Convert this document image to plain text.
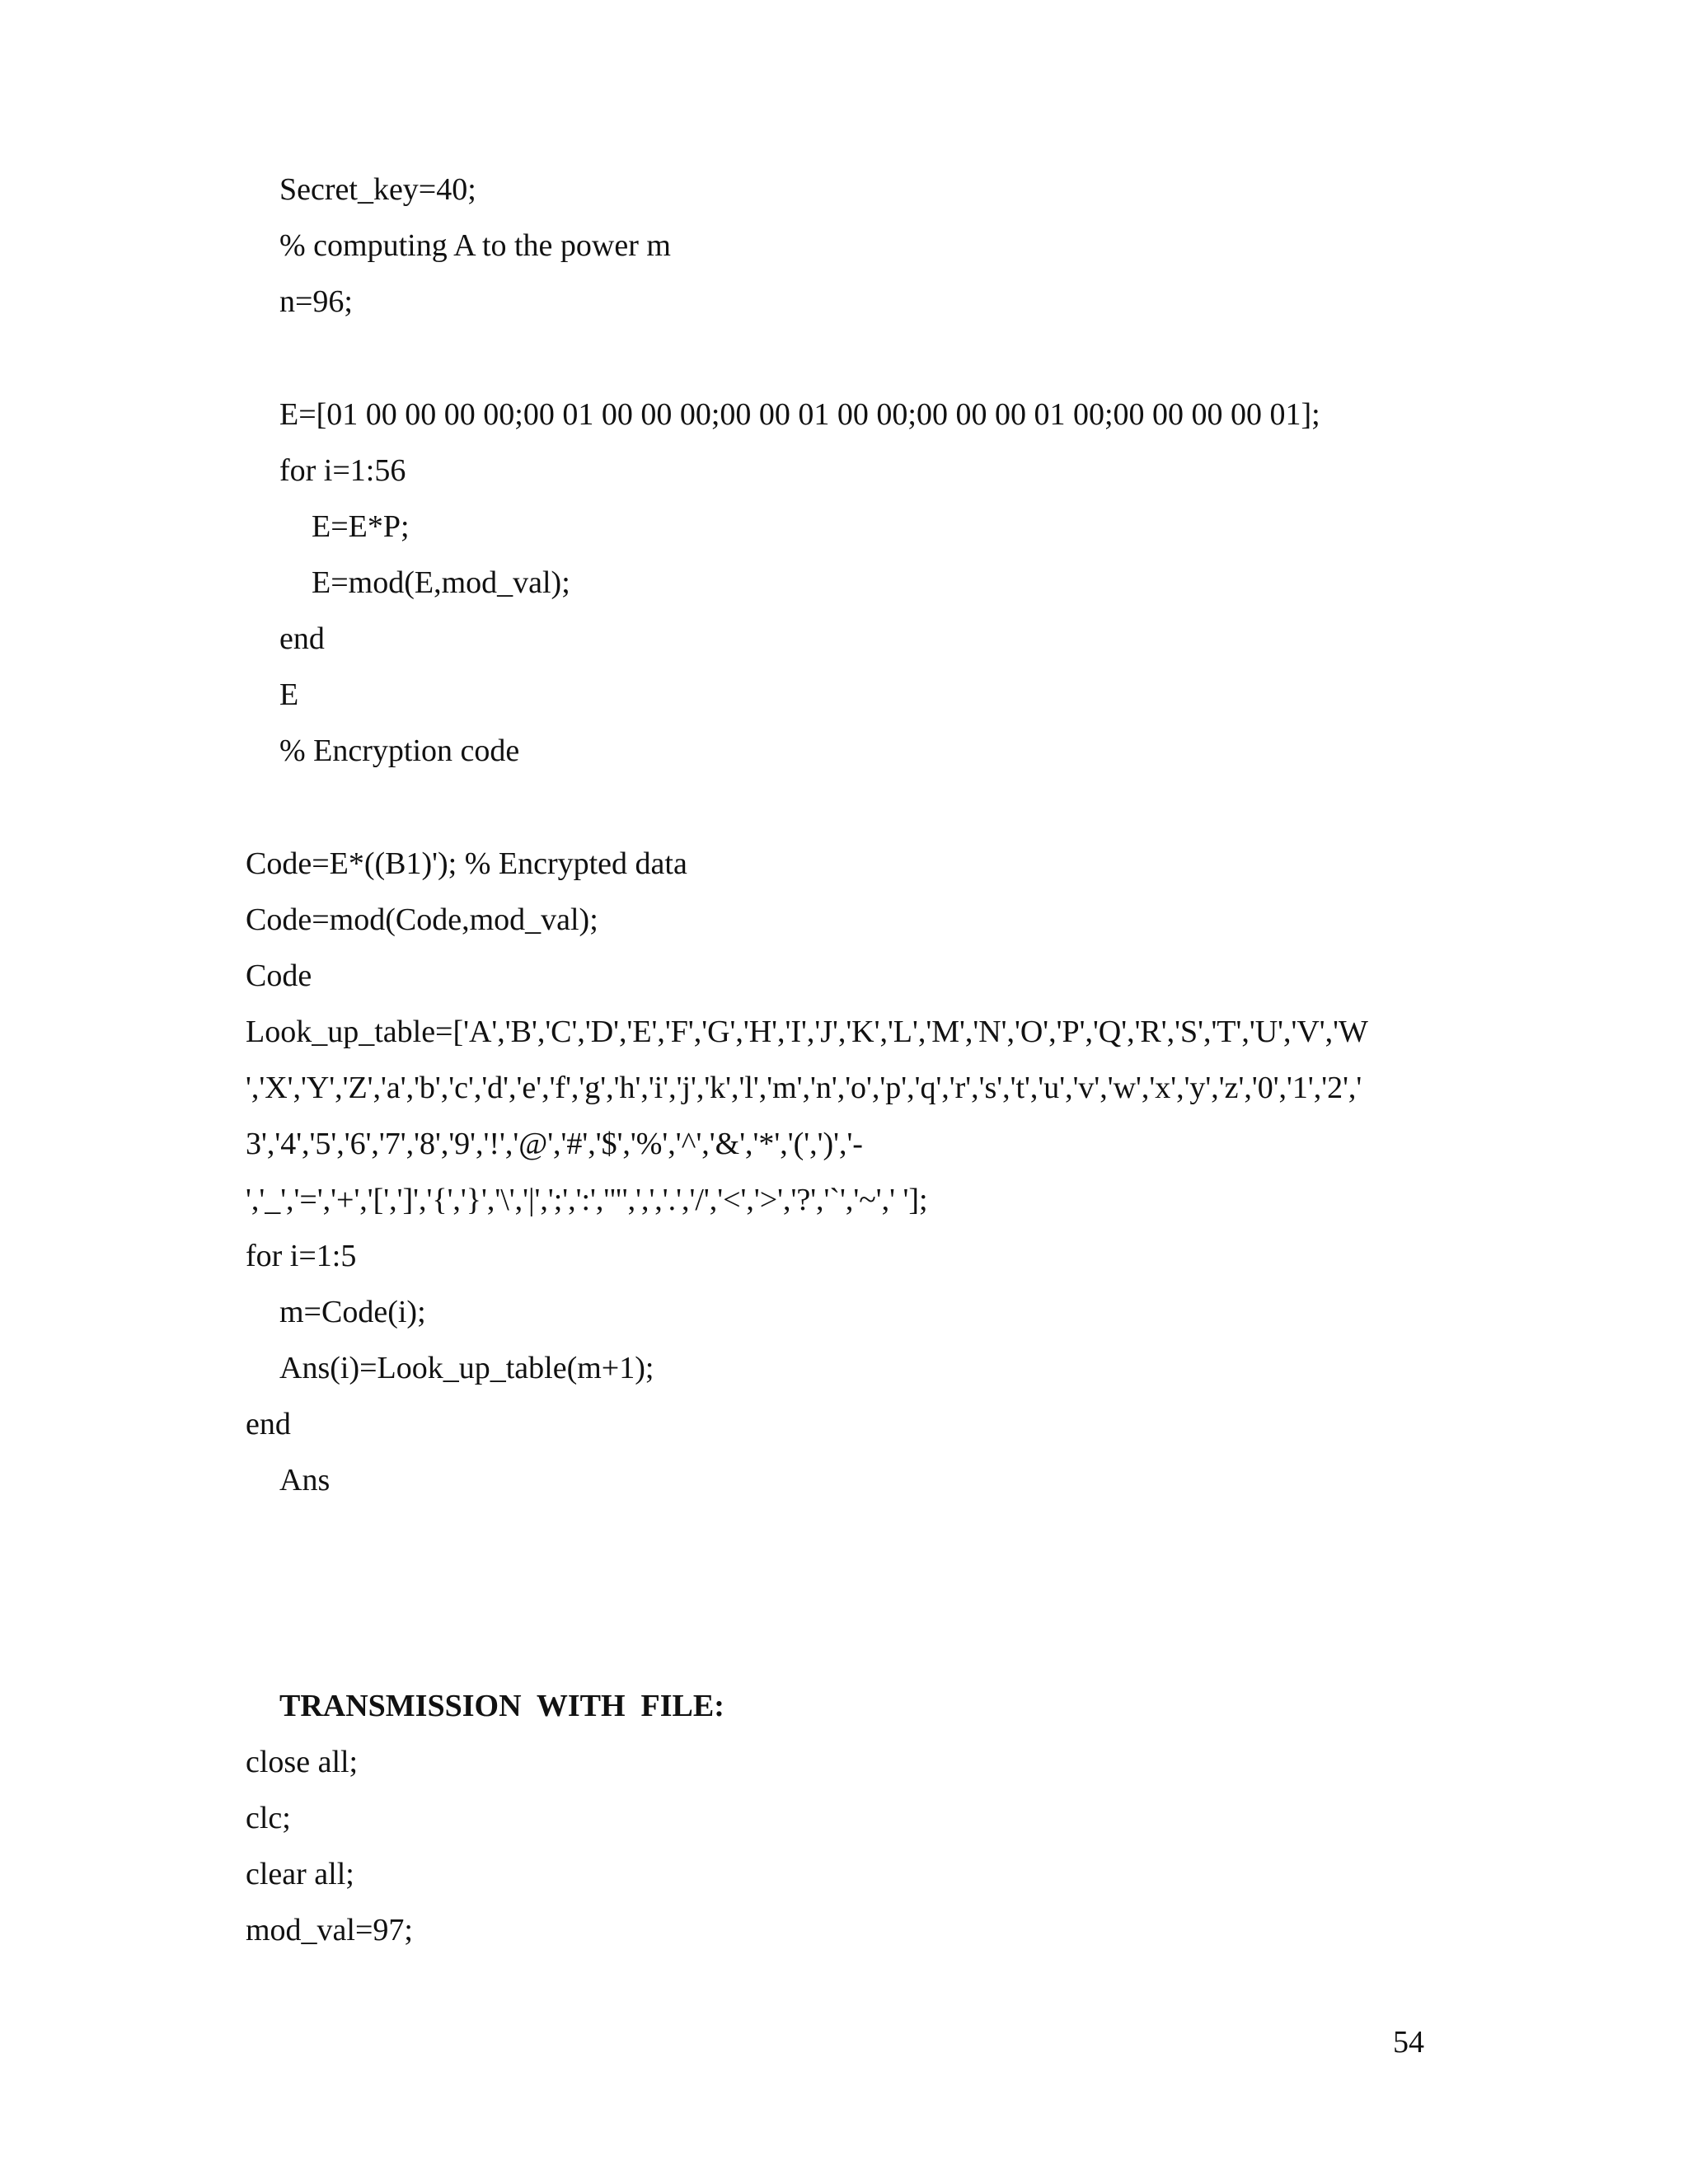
Secret_key=40;

% computing A to the power m

n=96;

E=[01 00 00 00 00;00 01 00 00 00;00 00 01 00 00;00 00 00 01 00;00 00 00 00 01];

for i=1:56

E=E*P;

E=mod(E,mod_val);

end

E

% Encryption code

Code=E*((B1)'); % Encrypted data

Code=mod(Code,mod_val);

Code

Look_up_table=['A','B','C','D','E','F','G','H','I','J','K','L','M','N','O','P','Q','R','S','T','U','V','W

','X','Y','Z','a','b','c','d','e','f','g','h','i','j','k','l','m','n','o','p','q','r','s','t','u','v','w','x','y','z','0','1','2','

3','4','5','6','7','8','9','!','@','#','$','%','^','&','*','(',')','-

','_','=','+','[',']','{','}','\','|',';',':','"',',','.','/','<','>','?','`','~',' '];

for i=1:5

m=Code(i);

Ans(i)=Look_up_table(m+1);

end

Ans

TRANSMISSION  WITH  FILE:

close all;

clc;

clear all;

mod_val=97;

54
